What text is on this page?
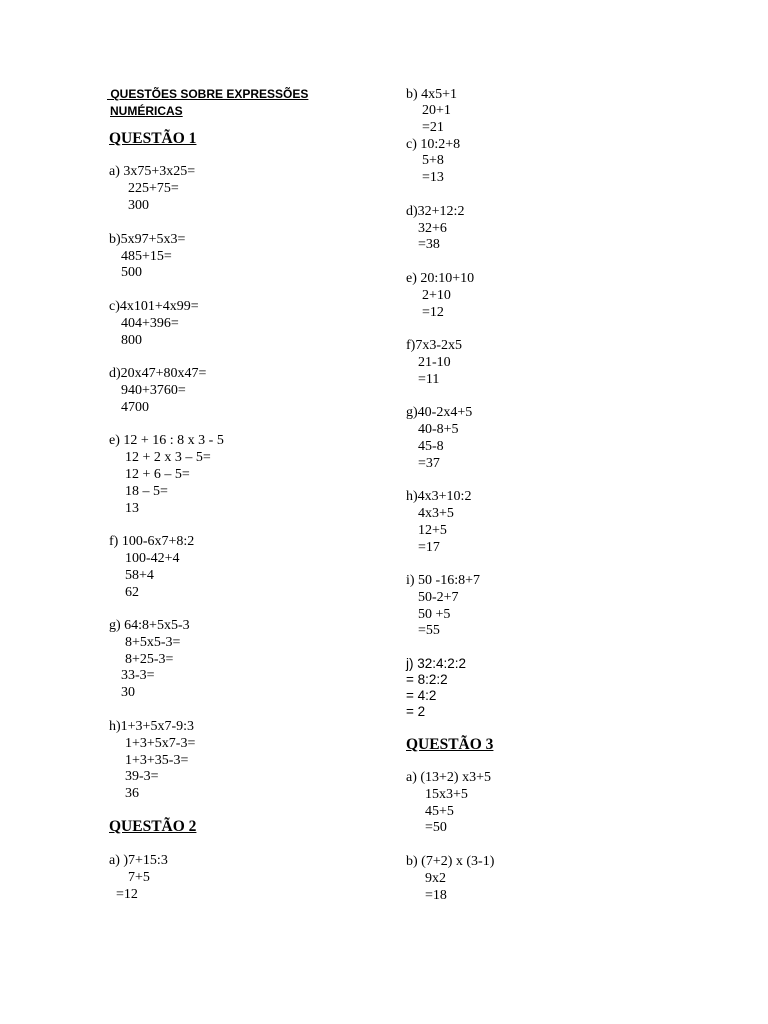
QUESTÕES SOBRE EXPRESSÕES
NUMÉRICAS
QUESTÃO 1
QUESTÃO 2
QUESTÃO 3
a) 3x75+3x25=
225+75=
300
b)5x97+5x3=
485+15=
500
c)4x101+4x99=
404+396=
800
d)20x47+80x47=
940+3760=
4700
e) 12 + 16 : 8 x 3 - 5
12 + 2 x 3 – 5=
12 + 6 – 5=
18 – 5=
13
f) 100-6x7+8:2
100-42+4
58+4
62
g) 64:8+5x5-3
8+5x5-3=
8+25-3=
33-3=
30
h)1+3+5x7-9:3
1+3+5x7-3=
1+3+35-3=
39-3=
36
a) )7+15:3
7+5
=12
b) 4x5+1
20+1
=21
c) 10:2+8
5+8
=13
d)32+12:2
32+6
=38
e) 20:10+10
2+10
=12
f)7x3-2x5
21-10
=11
g)40-2x4+5
40-8+5
45-8
=37
h)4x3+10:2
4x3+5
12+5
=17
i) 50 -16:8+7
50-2+7
50 +5
=55
j) 32:4:2:2
= 8:2:2
= 4:2
= 2
a) (13+2) x3+5
15x3+5
45+5
=50
b) (7+2) x (3-1)
9x2
=18
